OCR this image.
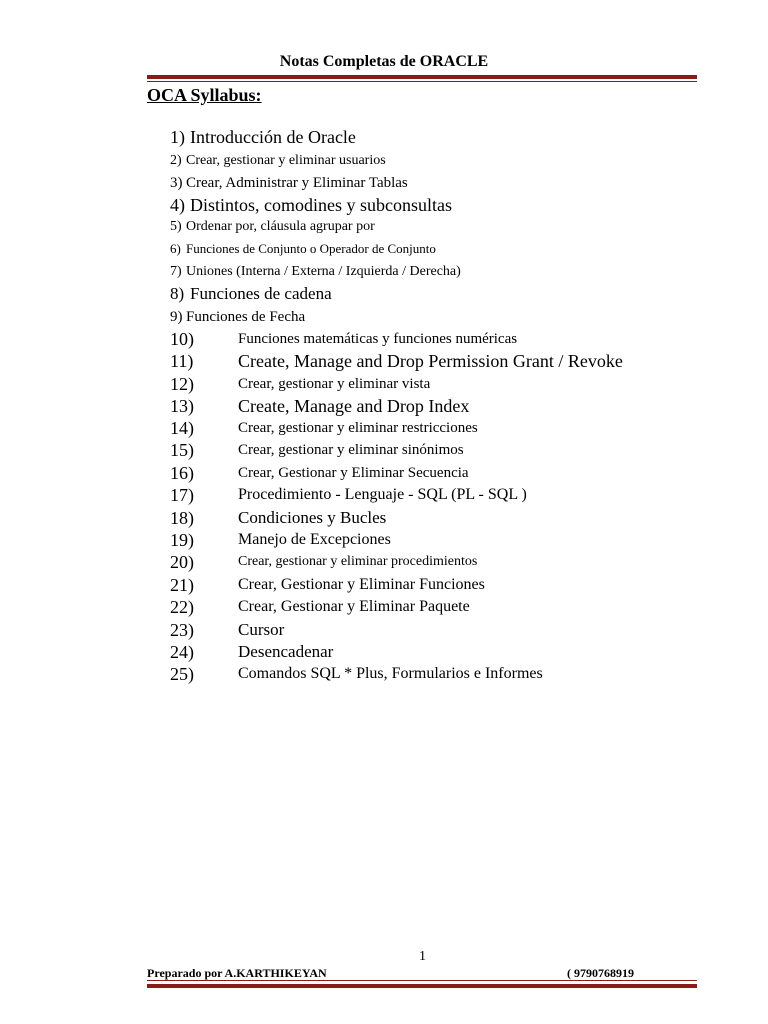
Notas Completas de ORACLE
OCA Syllabus:
1) Introducción de Oracle
2) Crear, gestionar y eliminar usuarios
3) Crear, Administrar y Eliminar Tablas
4) Distintos, comodines y subconsultas
5) Ordenar por, cláusula agrupar por
6) Funciones de Conjunto o Operador de Conjunto
7) Uniones (Interna / Externa / Izquierda / Derecha)
8) Funciones de cadena
9) Funciones de Fecha
10)	Funciones matemáticas y funciones numéricas
11) Create, Manage and Drop Permission Grant / Revoke
12)	Crear, gestionar y eliminar vista
13) Create, Manage and Drop Index
14)	Crear, gestionar y eliminar restricciones
15)	Crear, gestionar y eliminar sinónimos
16)	Crear, Gestionar y Eliminar Secuencia
17)	Procedimiento - Lenguaje - SQL (PL - SQL )
18)	Condiciones y Bucles
19)	Manejo de Excepciones
20)	Crear, gestionar y eliminar procedimientos
21)	Crear, Gestionar y Eliminar Funciones
22)	Crear, Gestionar y Eliminar Paquete
23)	Cursor
24)	Desencadenar
25)	Comandos SQL * Plus, Formularios e Informes
1
Preparado por A.KARTHIKEYAN	( 9790768919
